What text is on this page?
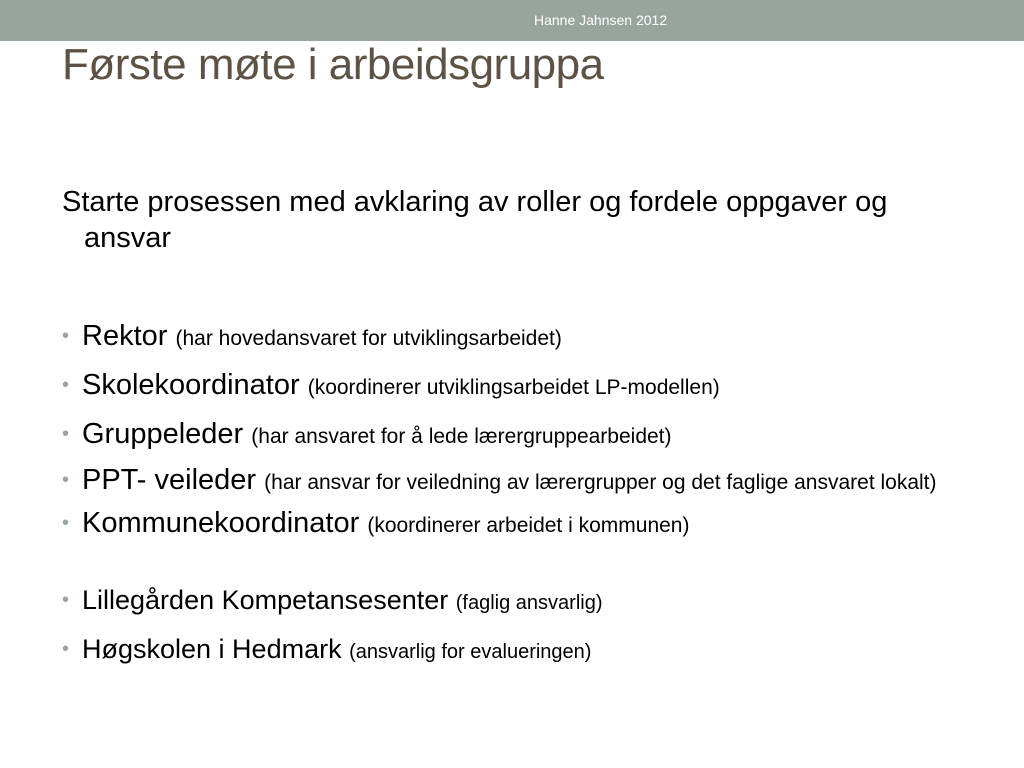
Hanne Jahnsen 2012
Første møte i arbeidsgruppa

Starte prosessen med avklaring av roller og fordele oppgaver og ansvar

• Rektor (har hovedansvaret for utviklingsarbeidet)
• Skolekoordinator (koordinerer utviklingsarbeidet LP-modellen)
• Gruppeleder (har ansvaret for å lede lærergruppearbeidet)
• PPT- veileder (har ansvar for veiledning av lærergrupper og det faglige ansvaret lokalt)
• Kommunekoordinator (koordinerer arbeidet i kommunen)
• Lillegården Kompetansesenter (faglig ansvarlig)
• Høgskolen i Hedmark (ansvarlig for evalueringen)
